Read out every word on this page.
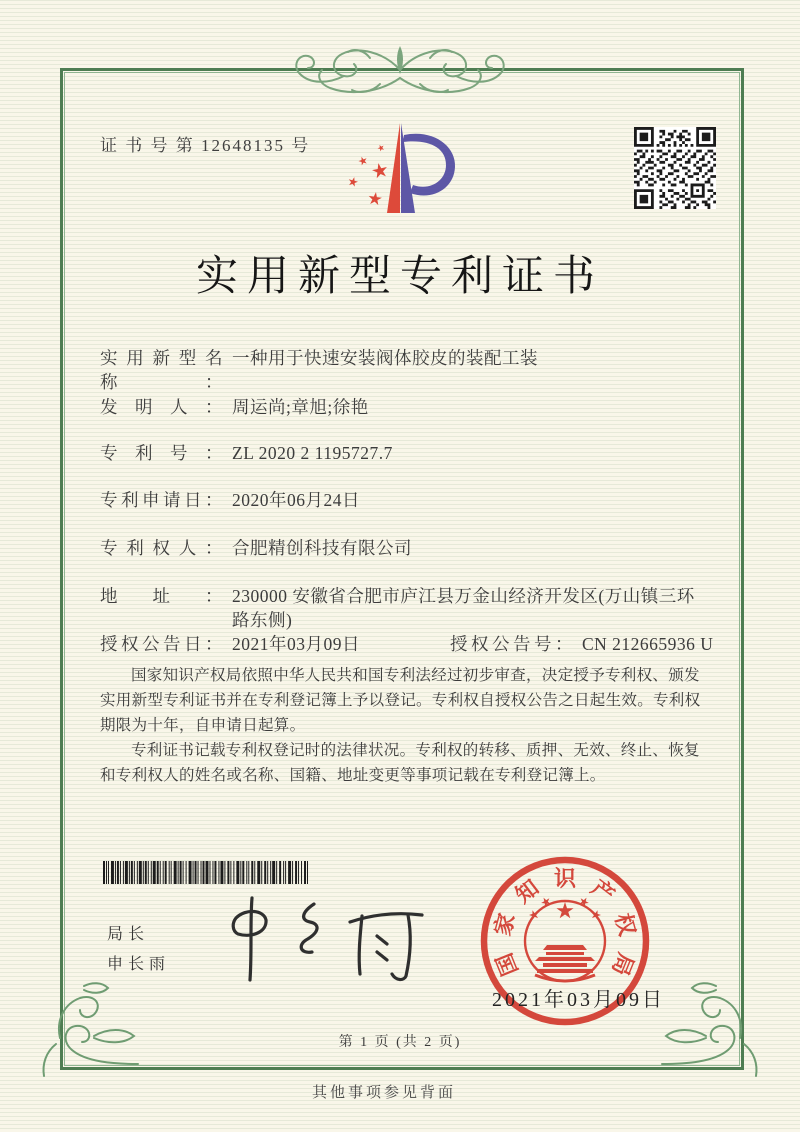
证 书 号 第 12648135 号
实用新型专利证书
实用新型名称：一种用于快速安装阀体胶皮的装配工装
发明人： 周运尚;章旭;徐艳
专利号： ZL 2020 2 1195727.7
专利申请日： 2020年06月24日
专利权人： 合肥精创科技有限公司
地址： 230000 安徽省合肥市庐江县万金山经济开发区(万山镇三环路东侧)
授权公告日： 2021年03月09日	授权公告号： CN 212665936 U

国家知识产权局依照中华人民共和国专利法经过初步审查，决定授予专利权、颁发实用新型专利证书并在专利登记簿上予以登记。专利权自授权公告之日起生效。专利权期限为十年，自申请日起算。

专利证书记载专利权登记时的法律状况。专利权的转移、质押、无效、终止、恢复和专利权人的姓名或名称、国籍、地址变更等事项记载在专利登记簿上。

局长
申长雨	国
家
知 识 产
权
局
2021年03月09日
第 1 页 (共 2 页)
其他事项参见背面
